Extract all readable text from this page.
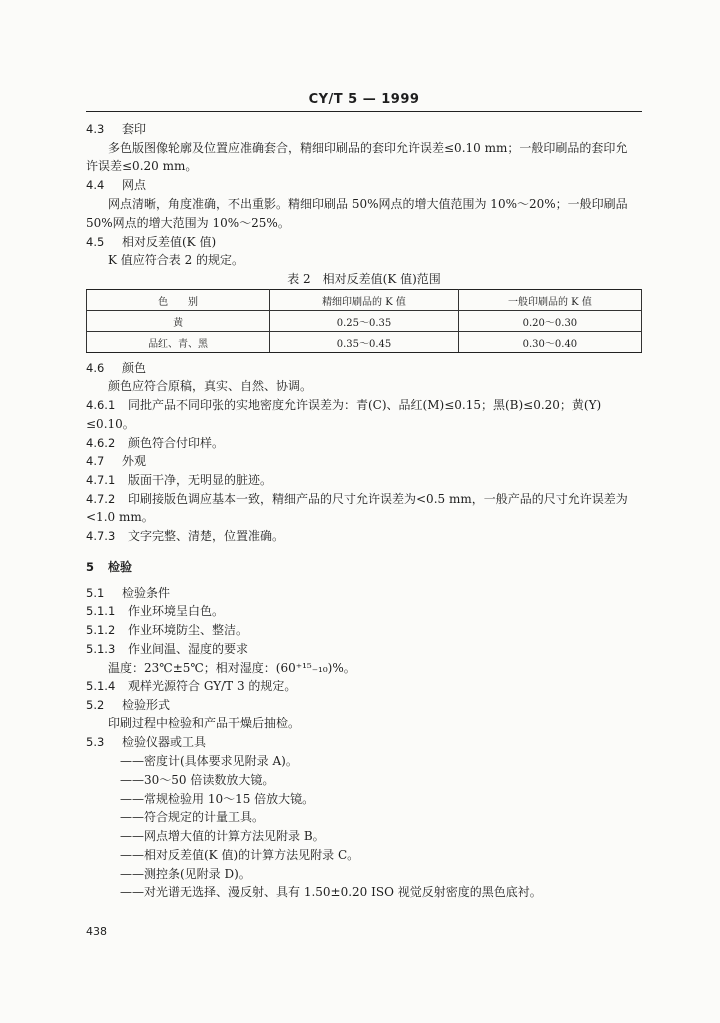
CY/T 5 — 1999
4.3 套印
多色版图像轮廓及位置应准确套合，精细印刷品的套印允许误差≤0.10 mm；一般印刷品的套印允
许误差≤0.20 mm。
4.4 网点
网点清晰，角度准确，不出重影。精细印刷品 50%网点的增大值范围为 10%～20%；一般印刷品
50%网点的增大范围为 10%～25%。
4.5 相对反差值(K 值)
K 值应符合表 2 的规定。
表 2　相对反差值(K 值)范围
色　　别	精细印刷品的 K 值	一般印刷品的 K 值
黄	0.25～0.35	0.20～0.30
品红、青、黑	0.35～0.45	0.30～0.40
4.6 颜色
颜色应符合原稿，真实、自然、协调。
4.6.1 同批产品不同印张的实地密度允许误差为：青(C)、品红(M)≤0.15；黑(B)≤0.20；黄(Y)
≤0.10。
4.6.2 颜色符合付印样。
4.7 外观
4.7.1 版面干净，无明显的脏迹。
4.7.2 印刷接版色调应基本一致，精细产品的尺寸允许误差为<0.5 mm，一般产品的尺寸允许误差为
<1.0 mm。
4.7.3 文字完整、清楚，位置准确。
5 检验
5.1 检验条件
5.1.1 作业环境呈白色。
5.1.2 作业环境防尘、整洁。
5.1.3 作业间温、湿度的要求
温度：23℃±5℃；相对湿度：(60⁺¹⁵₋₁₀)%。
5.1.4 观样光源符合 GY/T 3 的规定。
5.2 检验形式
印刷过程中检验和产品干燥后抽检。
5.3 检验仪器或工具
——密度计(具体要求见附录 A)。
——30～50 倍读数放大镜。
——常规检验用 10～15 倍放大镜。
——符合规定的计量工具。
——网点增大值的计算方法见附录 B。
——相对反差值(K 值)的计算方法见附录 C。
——测控条(见附录 D)。
——对光谱无选择、漫反射、具有 1.50±0.20 ISO 视觉反射密度的黑色底衬。
438
